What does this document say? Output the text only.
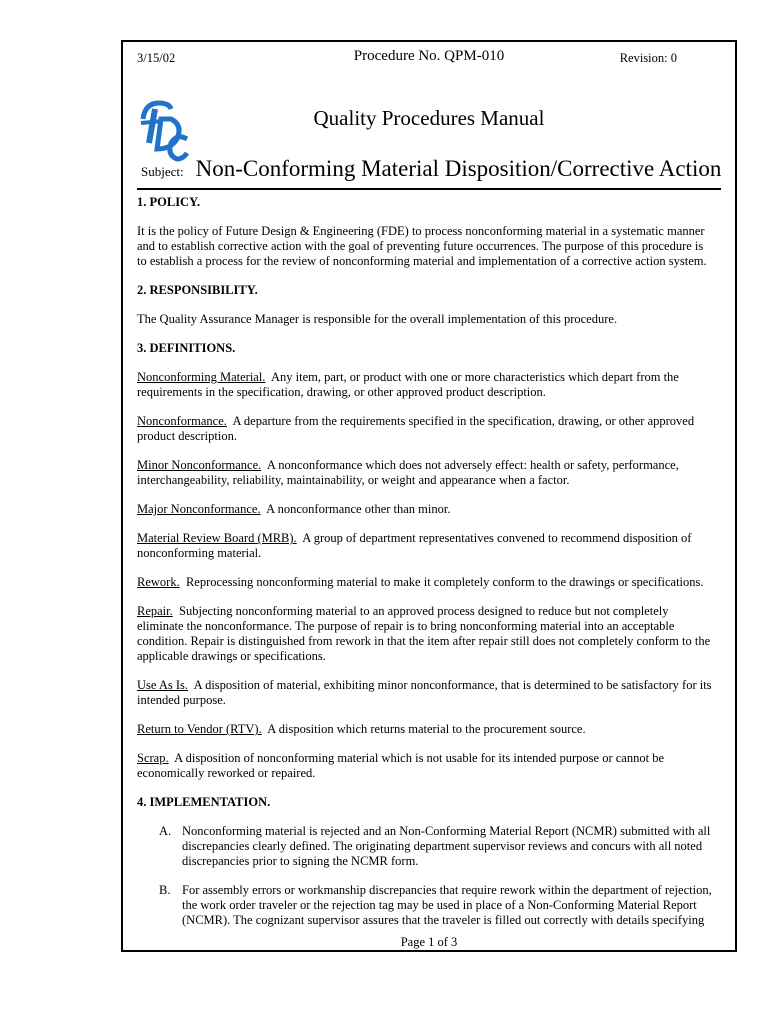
3/15/02	Procedure No. QPM-010	Revision: 0
Quality Procedures Manual
Subject: Non-Conforming Material Disposition/Corrective Action
1. POLICY.

It is the policy of Future Design & Engineering (FDE) to process nonconforming material in a systematic manner and to establish corrective action with the goal of preventing future occurrences. The purpose of this procedure is to establish a process for the review of nonconforming material and implementation of a corrective action system.

2. RESPONSIBILITY.

The Quality Assurance Manager is responsible for the overall implementation of this procedure.

3. DEFINITIONS.

Nonconforming Material. Any item, part, or product with one or more characteristics which depart from the requirements in the specification, drawing, or other approved product description.

Nonconformance. A departure from the requirements specified in the specification, drawing, or other approved product description.

Minor Nonconformance. A nonconformance which does not adversely effect: health or safety, performance, interchangeability, reliability, maintainability, or weight and appearance when a factor.

Major Nonconformance. A nonconformance other than minor.

Material Review Board (MRB). A group of department representatives convened to recommend disposition of nonconforming material.

Rework. Reprocessing nonconforming material to make it completely conform to the drawings or specifications.

Repair. Subjecting nonconforming material to an approved process designed to reduce but not completely eliminate the nonconformance. The purpose of repair is to bring nonconforming material into an acceptable condition. Repair is distinguished from rework in that the item after repair still does not completely conform to the applicable drawings or specifications.

Use As Is. A disposition of material, exhibiting minor nonconformance, that is determined to be satisfactory for its intended purpose.

Return to Vendor (RTV). A disposition which returns material to the procurement source.

Scrap. A disposition of nonconforming material which is not usable for its intended purpose or cannot be economically reworked or repaired.

4. IMPLEMENTATION.
A. Nonconforming material is rejected and an Non-Conforming Material Report (NCMR) submitted with all discrepancies clearly defined. The originating department supervisor reviews and concurs with all noted discrepancies prior to signing the NCMR form.
B. For assembly errors or workmanship discrepancies that require rework within the department of rejection, the work order traveler or the rejection tag may be used in place of a Non-Conforming Material Report (NCMR). The cognizant supervisor assures that the traveler is filled out correctly with details specifying
Page 1 of 3
